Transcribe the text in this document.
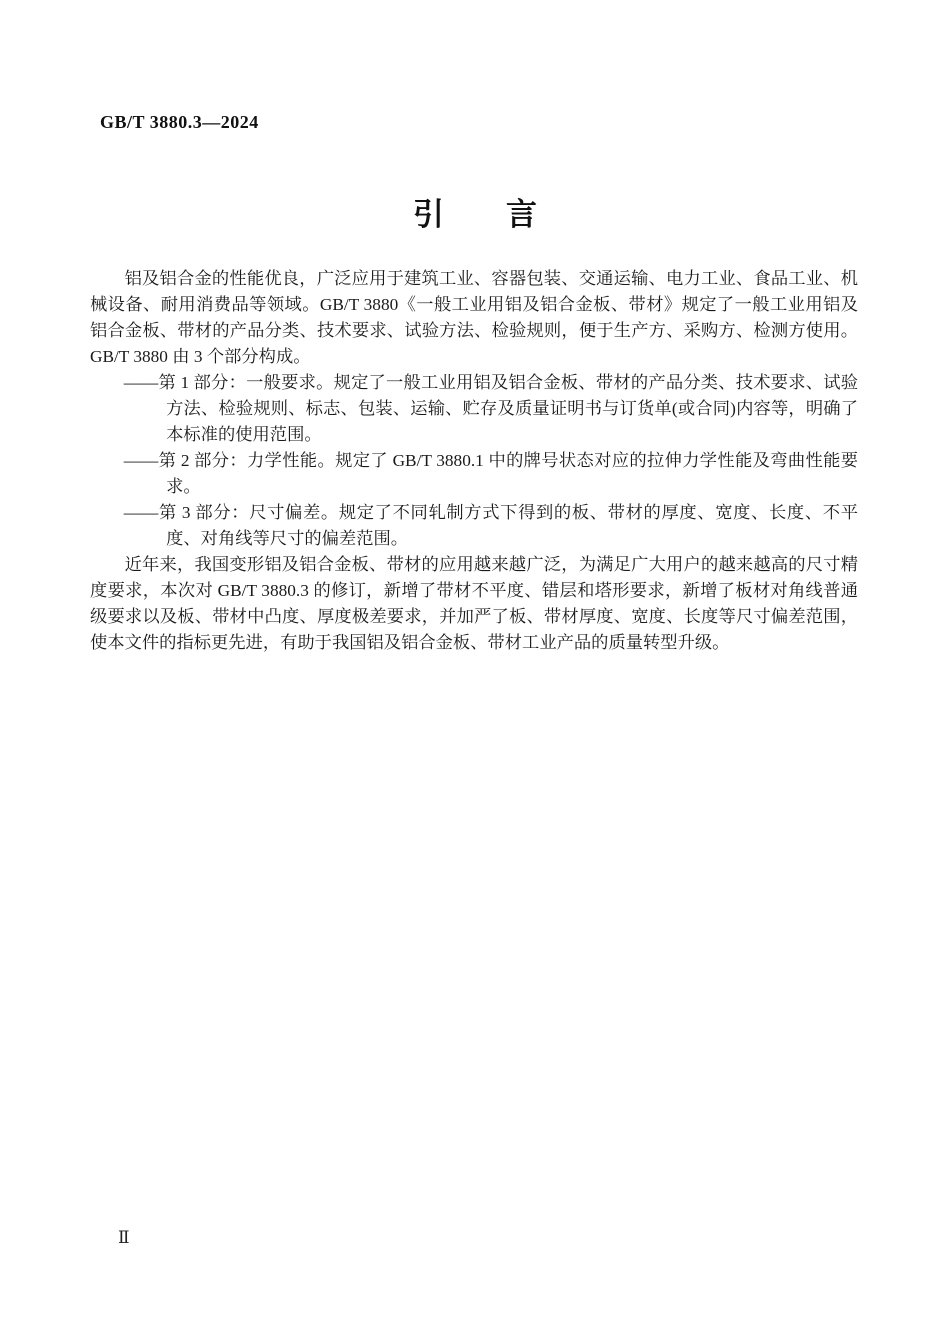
GB/T 3880.3—2024
引　　言

铝及铝合金的性能优良，广泛应用于建筑工业、容器包装、交通运输、电力工业、食品工业、机械设备、耐用消费品等领域。GB/T 3880《一般工业用铝及铝合金板、带材》规定了一般工业用铝及铝合金板、带材的产品分类、技术要求、试验方法、检验规则，便于生产方、采购方、检测方使用。GB/T 3880 由 3 个部分构成。

——第 1 部分：一般要求。规定了一般工业用铝及铝合金板、带材的产品分类、技术要求、试验方法、检验规则、标志、包装、运输、贮存及质量证明书与订货单(或合同)内容等，明确了本标准的使用范围。

——第 2 部分：力学性能。规定了 GB/T 3880.1 中的牌号状态对应的拉伸力学性能及弯曲性能要求。

——第 3 部分：尺寸偏差。规定了不同轧制方式下得到的板、带材的厚度、宽度、长度、不平度、对角线等尺寸的偏差范围。

近年来，我国变形铝及铝合金板、带材的应用越来越广泛，为满足广大用户的越来越高的尺寸精度要求，本次对 GB/T 3880.3 的修订，新增了带材不平度、错层和塔形要求，新增了板材对角线普通级要求以及板、带材中凸度、厚度极差要求，并加严了板、带材厚度、宽度、长度等尺寸偏差范围，使本文件的指标更先进，有助于我国铝及铝合金板、带材工业产品的质量转型升级。

Ⅱ
